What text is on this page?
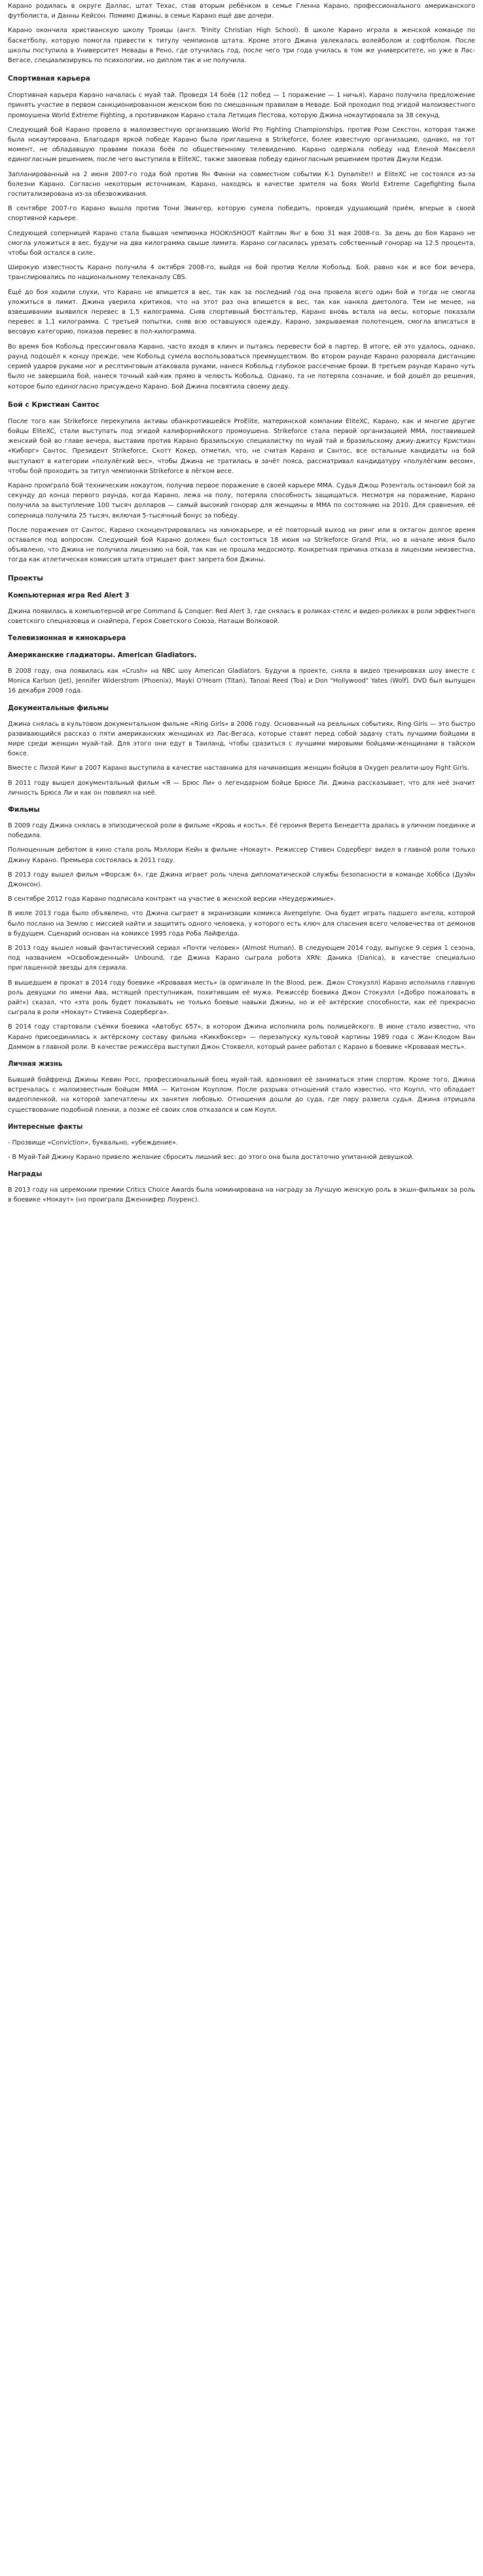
Карано родилась в округе Даллас, штат Техас, став вторым ребёнком в семье Гленна Карано, профессионального американского футболиста, и Данны Кейсон. Помимо Джины, в семье Карано ещё две дочери.
Карано окончила христианскую школу Троицы (англ. Trinity Christian High School). В школе Карано играла в женской команде по баскетболу, которую помогла привести к титулу чемпионов штата. Кроме этого Джина увлекалась волейболом и софтболом. После школы поступила в Университет Невады в Рено, где отучилась год, после чего три года училась в том же университете, но уже в Лас-Вегасе, специализируясь по психологии, но диплом так и не получила.
Спортивная карьера
Спортивная карьера Карано началась с муай тай. Проведя 14 боёв (12 побед — 1 поражение — 1 ничья), Карано получила предложение принять участие в первом санкционированном женском бою по смешанным правилам в Неваде. Бой проходил под эгидой малоизвестного промоушена World Extreme Fighting, а противником Карано стала Летиция Пестова, которую Джина нокаутировала за 38 секунд.
Следующий бой Карано провела в малоизвестную организацию World Pro Fighting Championships, против Рози Секстон, которая также была нокаутирована. Благодаря яркой победе Карано была приглашена в Strikeforce, более известную организацию, однако, на тот момент, не обладавшую правами показа боёв по общественному телевидению. Карано одержала победу над Еленой Максвелл единогласным решением, после чего выступила в EliteXC, также завоевав победу единогласным решением против Джули Кедзи.
Запланированный на 2 июня 2007-го года бой против Ян Финни на совместном событии K-1 Dynamite!! и EliteXC не состоялся из-за болезни Карано. Согласно некоторым источникам, Карано, находясь в качестве зрителя на боях World Extreme Cagefighting была госпитализирована из-за обезвоживания.
В сентябре 2007-го Карано вышла против Тони Эвингер, которую сумела победить, проведя удушающий приём, вперые в своей спортивной карьере.
Следующей соперницей Карано стала бывшая чемпионка HOOKnSHOOT Кайтлин Янг в бою 31 мая 2008-го. За день до боя Карано не смогла уложиться в вес, будучи на два килограмма свыше лимита. Карано согласилась урезать собственный гонорар на 12.5 процента, чтобы бой остался в силе.
Широкую известность Карано получила 4 октября 2008-го, выйдя на бой против Келли Кобольд. Бой, равно как и все бои вечера, транслировались по национальному телеканалу CBS.
Ещё до боя ходили слухи, что Карано не впишется в вес, так как за последний год она провела всего один бой и тогда не смогла уложиться в лимит. Джина уверила критиков, что на этот раз она впишется в вес, так как наняла диетолога. Тем не менее, на взвешивании выявился перевес в 1,5 килограмма. Сняв спортивный бюстгальтер, Карано вновь встала на весы, которые показали перевес в 1,1 килограмма. С третьей попытки, сняв всю оставшуюся одежду, Карано, закрываемая полотенцем, смогла вписаться в весовую категорию, показав перевес в пол-килограмма.
Во время боя Кобольд прессинговала Карано, часто входя в клинч и пытаясь перевести бой в партер. В итоге, ей это удалось, однако, раунд подошёл к концу прежде, чем Кобольд сумела воспользоваться преимуществом. Во втором раунде Карано разорвала дистанцию серией ударов руками ног и реслтинговым атаковала руками, нанеся Кобольд глубокое рассечение брови. В третьем раунде Карано чуть было не завершила бой, нанеся точный хай-кик прямо в челюсть Кобольд. Однако, та не потеряла сознание, и бой дошёл до решения, которое было единогласно присуждено Карано. Бой Джина посвятила своему деду.
Бой с Кристиан Сантос
После того как Strikeforce перекупила активы обанкротившейся ProElite, материнской компании EliteXC, Карано, как и многие другие бойцы EliteXC, стали выступать под эгидой калифорнийского промоушена. Strikeforce стала первой организацией ММА, поставившей женский бой во главе вечера, выставив против Карано бразильскую специалистку по муай тай и бразильскому джиу-джитсу Кристиан «Киборг» Сантос. Президент Strikeforce, Скотт Кокер, отметил, что, не считая Карано и Сантос, все остальные кандидаты на бой выступают в категории «полулёгкий вес», чтобы Джина не тратилась в зачёт пояса, рассматривал кандидатуру «полулёгким весом», чтобы бой проходить за титул чемпионки Strikeforce в лёгком весе.
Карано проиграла бой техническим нокаутом, получив первое поражение в своей карьере ММА. Судья Джош Розенталь остановил бой за секунду до конца первого раунда, когда Карано, лежа на полу, потеряла способность защищаться. Несмотря на поражение, Карано получила за выступление 100 тысяч долларов — самый высокий гонорар для женщины в ММА по состоянию на 2010. Для сравнения, её соперница получила 25 тысяч, включая 5-тысячный бонус за победу.
После поражения от Сантос, Карано сконцентрировалась на кинокарьере, и её повторный выход на ринг или в октагон долгое время оставался под вопросом. Следующий бой Карано должен был состояться 18 июня на Strikeforce Grand Prix, но в начале июня было объявлено, что Джина не получила лицензию на бой, так как не прошла медосмотр. Конкретная причина отказа в лицензии неизвестна, тогда как атлетическая комиссия штата отрицает факт запрета боя Джины.
Проекты
Компьютерная игра Red Alert 3
Джина появилась в компьютерной игре Command & Conquer: Red Alert 3, где сняласъ в роликах-стелс и видео-роликах в роли эффектного советского спецназовца и снайпера, Героя Советского Союза, Наташи Волковой.
Телевизионная и кинокарьера
Американские гладиаторы. American Gladiators.
В 2008 году, она появилась как «Crush» на NBC шоу American Gladiators. Будучи в проекте, сняла в видео тренировках шоу вместе с Monica Karlson (Jet), Jennifer Widerstrom (Phoenix), Mayki O'Hearn (Titan), Tanoai Reed (Toa) и Don "Hollywood" Yates (Wolf). DVD был выпущен 16 декабря 2008 года.
Документальные фильмы
Джина снялась в культовом документальном фильме «Ring Girls» в 2006 году. Основанный на реальных событиях, Ring Girls — это быстро развивающийся рассказ о пяти американских женщинах из Лас-Вегаса, которые ставят перед собой задачу стать лучшими бойцами в мире среди женщин муай-тай. Для этого они едут в Таиланд, чтобы сразиться с лучшими мировыми бойцами-женщинами в тайском боксе.
Вместе с Лизой Кинг в 2007 Карано выступила в качестве наставника для начинающих женщин бойцов в Oxygen реалити-шоу Fight Girls.
В 2011 году вышел документальный фильм «Я — Брюс Ли» о легендарном бойце Брюсе Ли. Джина рассказывает, что для неё значит личность Брюса Ли и как он повлиял на неё.
Фильмы
В 2009 году Джина снялась в эпизодической роли в фильме «Кровь и кость». Её героиня Верета Бенедетта дралась в уличном поединке и победила.
Полноценным дебютом в кино стала роль Мэллори Кейн в фильме «Нокаут». Режиссер Стивен Содерберг видел в главной роли только Джину Карано. Премьера состоялась в 2011 году.
В 2013 году вышел фильм «Форсаж 6», где Джина играет роль члена дипломатической службы безопасности в команде Хоббса (Дуэйн Джонсон).
В сентябре 2012 года Карано подписала контракт на участие в женской версии «Неудержимые».
В июле 2013 года было объявлено, что Джина сыграет в экранизации комикса Avengelyne. Она будет играть падшего ангела, которой было послано на Землю с миссией найти и защитить одного человека, у которого есть ключ для спасения всего человечества от демонов в будущем. Сценарий основан на комиксе 1995 года Роба Лайфелда.
В 2013 году вышел новый фантастический сериал «Почти человек» (Almost Human). В следующем 2014 году, выпуске 9 серия 1 сезона, под названием «Освобожденный» Unbound, где Джина Карано сыграла робота XRN: Даника (Danica), в качестве специально приглашенной звезды для сериала.
В вышедшем в прокат в 2014 году боевике «Кровавая месть» (в оригинале In the Blood, реж. Джон Стокуэлл) Карано исполнила главную роль девушки по имени Ава, мстящей преступникам, похитившим её мужа. Режиссёр боевика Джон Стокуэлл («Добро пожаловать в рай!») сказал, что «эта роль будет показывать не только боевые навыки Джины, но и её актёрские способности, как её прекрасно сыграла в роли «Нокаут» Стивена Содерберга».
В 2014 году стартовали съёмки боевика «Автобус 657», в котором Джина исполнила роль полицейского. В июне стало известно, что Карано присоединилась к актёрскому составу фильма «Киккбоксер» — перезапуску культовой картины 1989 года с Жан-Клодом Ван Даммом в главной роли. В качестве режиссёра выступил Джон Стоквелл, который ранее работал с Карано в боевике «Кровавая месть».
Личная жизнь
Бывший бойфренд Джины Кевин Росс, профессиональный боец муай-тай, вдохновил её заниматься этим спортом. Кроме того, Джина встречалась с малоизвестным бойцом ММА — Китоном Коуплом. После разрыва отношений стало известно, что Коупл, что обладает видеопленкой, на которой запечатлены их занятия любовью. Отношения дошли до суда, где пару развела судья. Джина отрицала существование подобной пленки, а позже её своих слов отказался и сам Коупл.
Интересные факты
- Прозвище «Conviction», буквально, «убеждение».
- В Муай-Тай Джину Карано привело желание сбросить лишний вес: до этого она была достаточно упитанной девушкой.
Награды
В 2013 году на церемонии премии Critics Choice Awards была номинирована на награду за Лучшую женскую роль в экшн-фильмах за роль в боевике «Нокаут» (но проиграла Дженнифер Лоуренс).
